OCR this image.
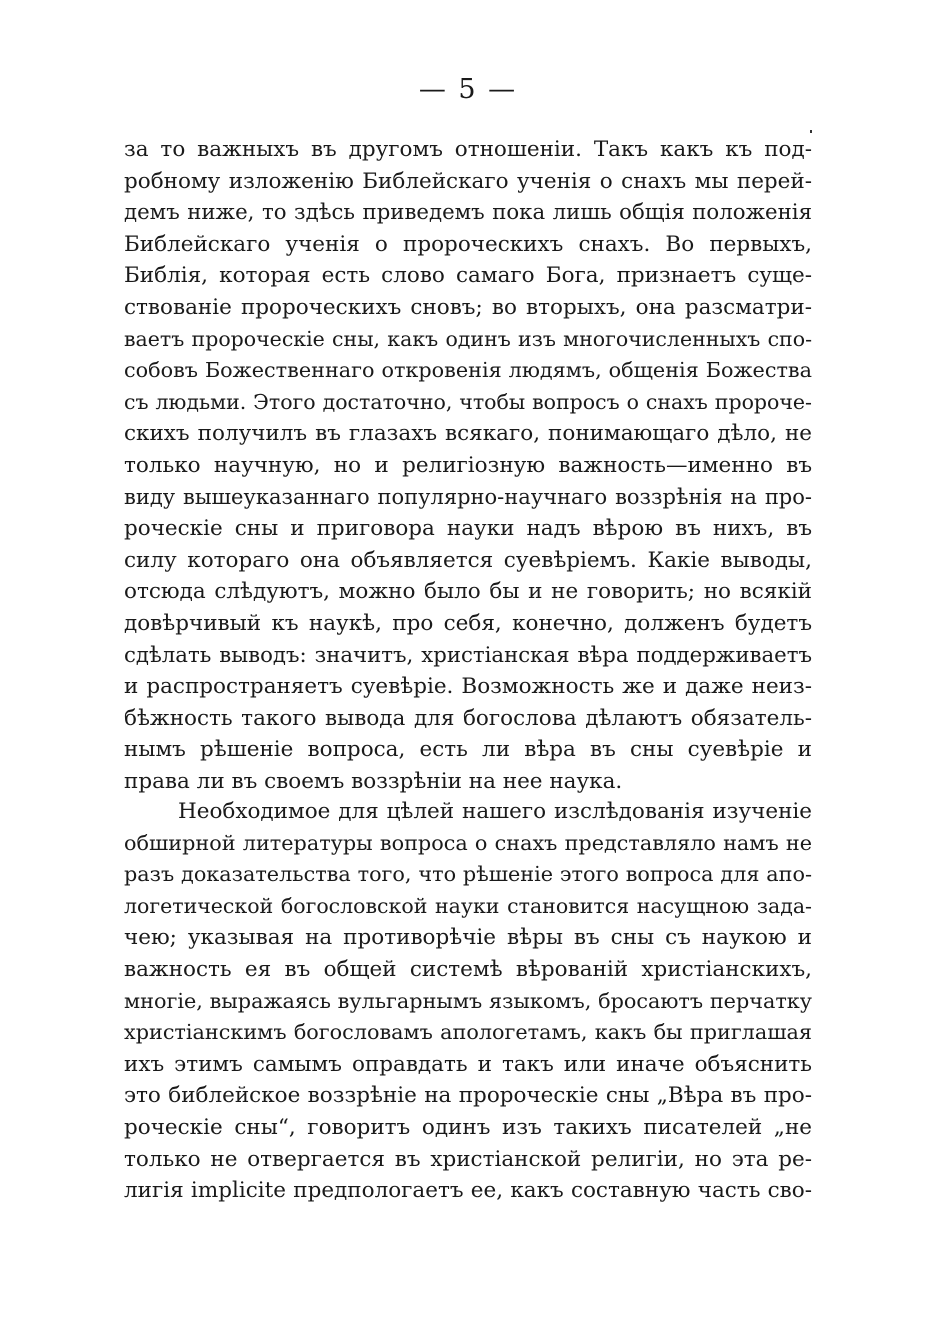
— 5 —
за то важныхъ въ другомъ отношеніи. Такъ какъ къ под-
робному изложенію Библейскаго ученія о снахъ мы перей-
демъ ниже, то здѣсь приведемъ пока лишь общія положенія
Библейскаго ученія о пророческихъ снахъ. Во первыхъ,
Библія, которая есть слово самаго Бога, признаетъ суще-
ствованіе пророческихъ сновъ; во вторыхъ, она разсматри-
ваетъ пророческіе сны, какъ одинъ изъ многочисленныхъ спо-
собовъ Божественнаго откровенія людямъ, общенія Божества
съ людьми. Этого достаточно, чтобы вопросъ о снахъ пророче-
скихъ получилъ въ глазахъ всякаго, понимающаго дѣло, не
только научную, но и религіозную важность—именно въ
виду вышеуказаннаго популярно-научнаго воззрѣнія на про-
роческіе сны и приговора науки надъ вѣрою въ нихъ, въ
силу котораго она объявляется суевѣріемъ. Какіе выводы,
отсюда слѣдуютъ, можно было бы и не говорить; но всякій
довѣрчивый къ наукѣ, про себя, конечно, долженъ будетъ
сдѣлать выводъ: значитъ, христіанская вѣра поддерживаетъ
и распространяетъ суевѣріе. Возможность же и даже неиз-
бѣжность такого вывода для богослова дѣлаютъ обязатель-
нымъ рѣшеніе вопроса, есть ли вѣра въ сны суевѣріе и
права ли въ своемъ воззрѣніи на нее наука.
Необходимое для цѣлей нашего изслѣдованія изученіе
обширной литературы вопроса о снахъ представляло намъ не
разъ доказательства того, что рѣшеніе этого вопроса для апо-
логетической богословской науки становится насущною зада-
чею; указывая на противорѣчіе вѣры въ сны съ наукою и
важность ея въ общей системѣ вѣрованій христіанскихъ,
многіе, выражаясь вульгарнымъ языкомъ, бросаютъ перчатку
христіанскимъ богословамъ апологетамъ, какъ бы приглашая
ихъ этимъ самымъ оправдать и такъ или иначе объяснить
это библейское воззрѣніе на пророческіе сны „Вѣра въ про-
роческіе сны“, говоритъ одинъ изъ такихъ писателей „не
только не отвергается въ христіанской религіи, но эта ре-
лигія implicite предпологаетъ ее, какъ составную часть сво-
